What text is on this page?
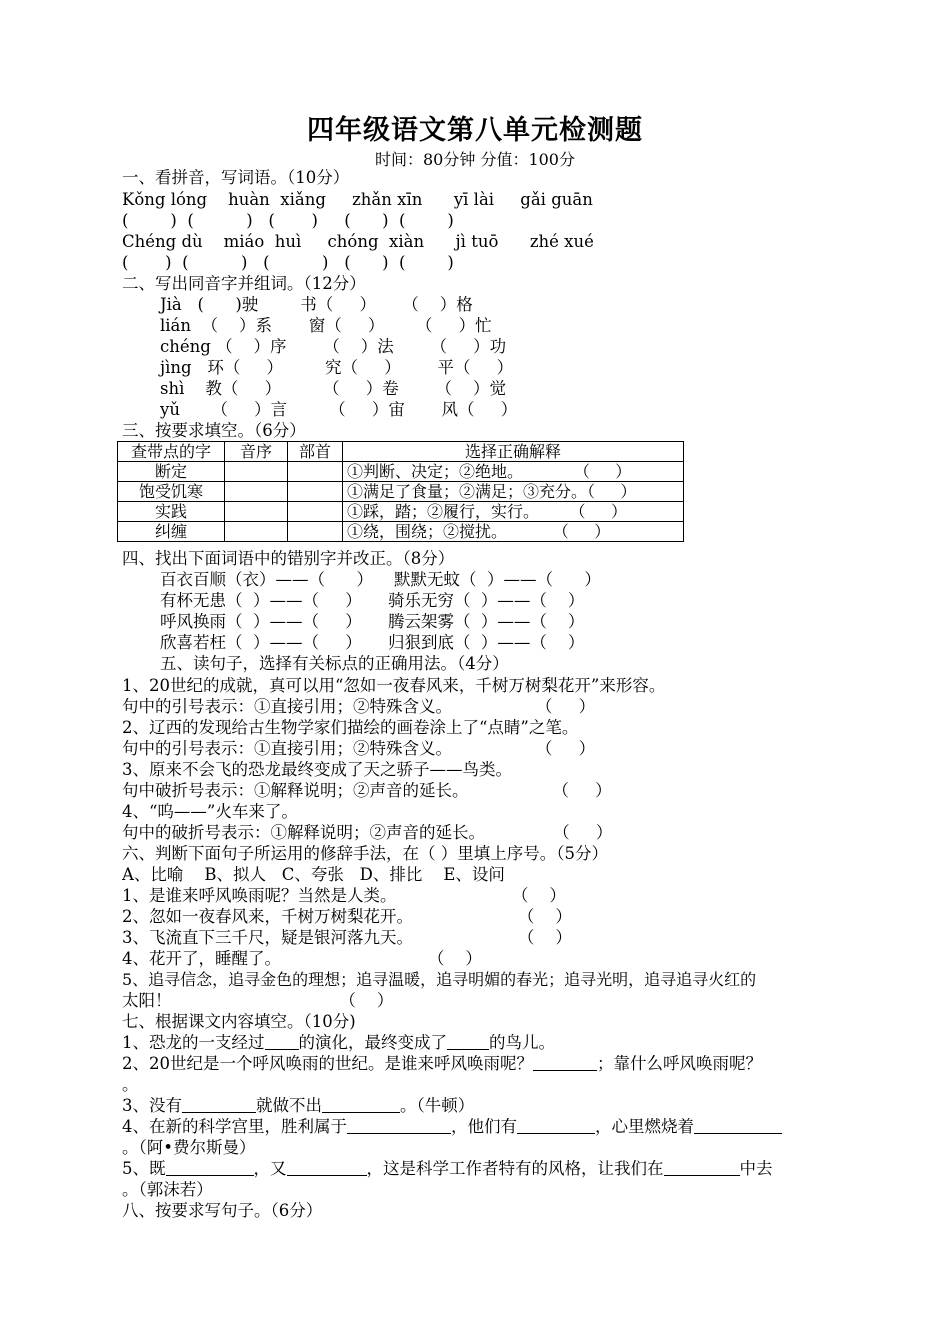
四年级语文第八单元检测题
时间：80分钟 分值：100分
一、看拼音，写词语。（10分）
Kǒng lóng    huàn  xiǎng     zhǎn xīn      yī lài     gǎi guān
(        )  (          )   (       )     (      )  (        )
Chéng dù    miáo  huì     chóng  xiàn      jì tuō      zhé xué
(       )  (          )   (          )   (      )  (        )
二、写出同音字并组词。（12分）
Jià   (      )驶        书（     ）     （    ）格
lián  （    ）系       窗（     ）      （     ）忙
chéng （    ）序       （    ）法       （     ）功
jìng   环（     ）        究（     ）       平（     ）
shì    教（     ）        （     ）卷       （    ）觉
yǔ      （     ）言        （     ）宙       风（     ）
三、按要求填空。（6分）
查带点的字	音序	部首	选择正确解释
断定			①判断、决定；②绝地。          （     ）
饱受饥寒			①满足了食量；②满足；③充分。（     ）
实践			①踩，踏；②履行，实行。      （     ）
纠缠			①绕，围绕；②搅扰。         （     ）
四、找出下面词语中的错别字并改正。（8分）
百衣百顺（衣）——（      ）    默默无蚊（  ）——（      ）
有杯无患（  ）——（     ）     骑乐无穷（  ）——（    ）
呼风换雨（  ）——（     ）     腾云架雾（  ）——（    ）
欣喜若枉（  ）——（     ）     归狠到底（  ）——（    ）
五、读句子，选择有关标点的正确用法。（4分）
1、20世纪的成就，真可以用“忽如一夜春风来，千树万树梨花开”来形容。
句中的引号表示：①直接引用；②特殊含义。                （     ）
2、辽西的发现给古生物学家们描绘的画卷涂上了“点睛”之笔。
句中的引号表示：①直接引用；②特殊含义。                （     ）
3、原来不会飞的恐龙最终变成了天之骄子——鸟类。
句中破折号表示：①解释说明；②声音的延长。                （     ）
4、“呜——”火车来了。
句中的破折号表示：①解释说明；②声音的延长。             （     ）
六、判断下面句子所运用的修辞手法，在（ ）里填上序号。（5分）
A、比喻    B、拟人   C、夸张   D、排比    E、设问
1、是谁来呼风唤雨呢？当然是人类。                      （    ）
2、忽如一夜春风来，千树万树梨花开。                    （    ）
3、飞流直下三千尺，疑是银河落九天。                    （    ）
4、花开了，睡醒了。                            （    ）
5、追寻信念，追寻金色的理想；追寻温暖，追寻明媚的春光；追寻光明，追寻追寻火红的
太阳！                                （    ）
七、根据课文内容填空。（10分)
1、恐龙的一支经过 的演化，最终变成了	的鸟儿。
2、20世纪是一个呼风唤雨的世纪。是谁来呼风唤雨呢？	；靠什么呼风唤雨呢？
。
3、没有	就做不出	。（牛顿）
4、在新的科学宫里，胜利属于	，他们有	，心里燃烧着
。（阿•费尔斯曼）
5、既	，又	，这是科学工作者特有的风格，让我们在	中去
。（郭沫若）
八、按要求写句子。（6分）
